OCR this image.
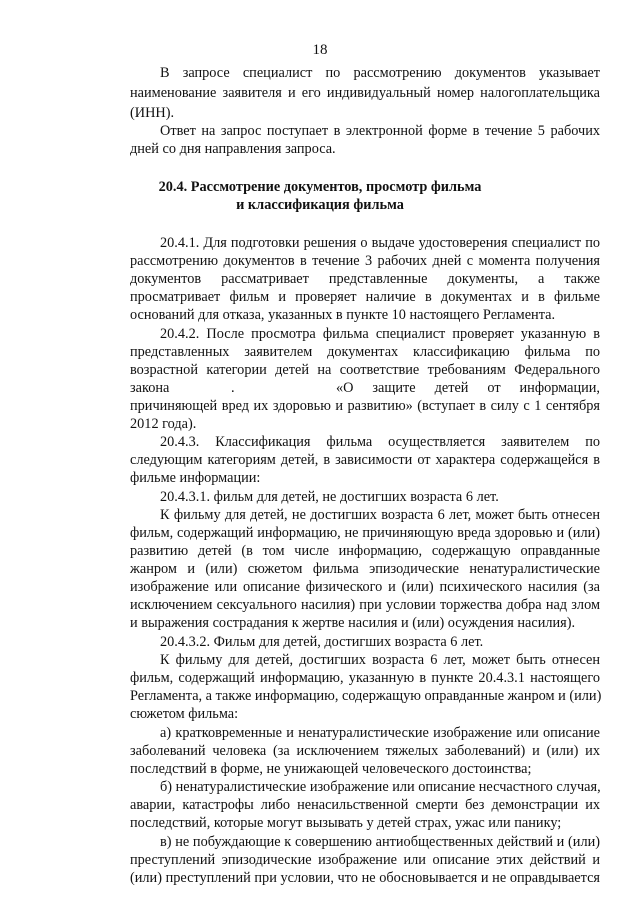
18
В запросе специалист по рассмотрению документов указывает
наименование заявителя и его индивидуальный номер налогоплательщика
(ИНН).
Ответ на запрос поступает в электронной форме в течение 5 рабочих
дней со дня направления запроса.
20.4. Рассмотрение документов, просмотр фильма
и классификация фильма
20.4.1. Для подготовки решения о выдаче удостоверения специалист по
рассмотрению документов в течение 3 рабочих дней с момента получения
документов рассматривает представленные документы, а также
просматривает фильм и проверяет наличие в документах и в фильме
оснований для отказа, указанных в пункте 10 настоящего Регламента.
20.4.2. После просмотра фильма специалист проверяет указанную в
представленных заявителем документах классификацию фильма по
возрастной категории детей на соответствие требованиям Федерального
закона	.	«О защите детей от информации,
причиняющей вред их здоровью и развитию» (вступает в силу с 1 сентября
2012 года).
20.4.3. Классификация фильма осуществляется заявителем по
следующим категориям детей, в зависимости от характера содержащейся в
фильме информации:
20.4.3.1. фильм для детей, не достигших возраста 6 лет.
К фильму для детей, не достигших возраста 6 лет, может быть отнесен
фильм, содержащий информацию, не причиняющую вреда здоровью и (или)
развитию детей (в том числе информацию, содержащую оправданные
жанром и (или) сюжетом фильма эпизодические ненатуралистические
изображение или описание физического и (или) психического насилия (за
исключением сексуального насилия) при условии торжества добра над злом
и выражения сострадания к жертве насилия и (или) осуждения насилия).
20.4.3.2. Фильм для детей, достигших возраста 6 лет.
К фильму для детей, достигших возраста 6 лет, может быть отнесен
фильм, содержащий информацию, указанную в пункте 20.4.3.1 настоящего
Регламента, а также информацию, содержащую оправданные жанром и (или)
сюжетом фильма:
а) кратковременные и ненатуралистические изображение или описание
заболеваний человека (за исключением тяжелых заболеваний) и (или) их
последствий в форме, не унижающей человеческого достоинства;
б) ненатуралистические изображение или описание несчастного случая,
аварии, катастрофы либо ненасильственной смерти без демонстрации их
последствий, которые могут вызывать у детей страх, ужас или панику;
в) не побуждающие к совершению антиобщественных действий и (или)
преступлений эпизодические изображение или описание этих действий и
(или) преступлений при условии, что не обосновывается и не оправдывается
